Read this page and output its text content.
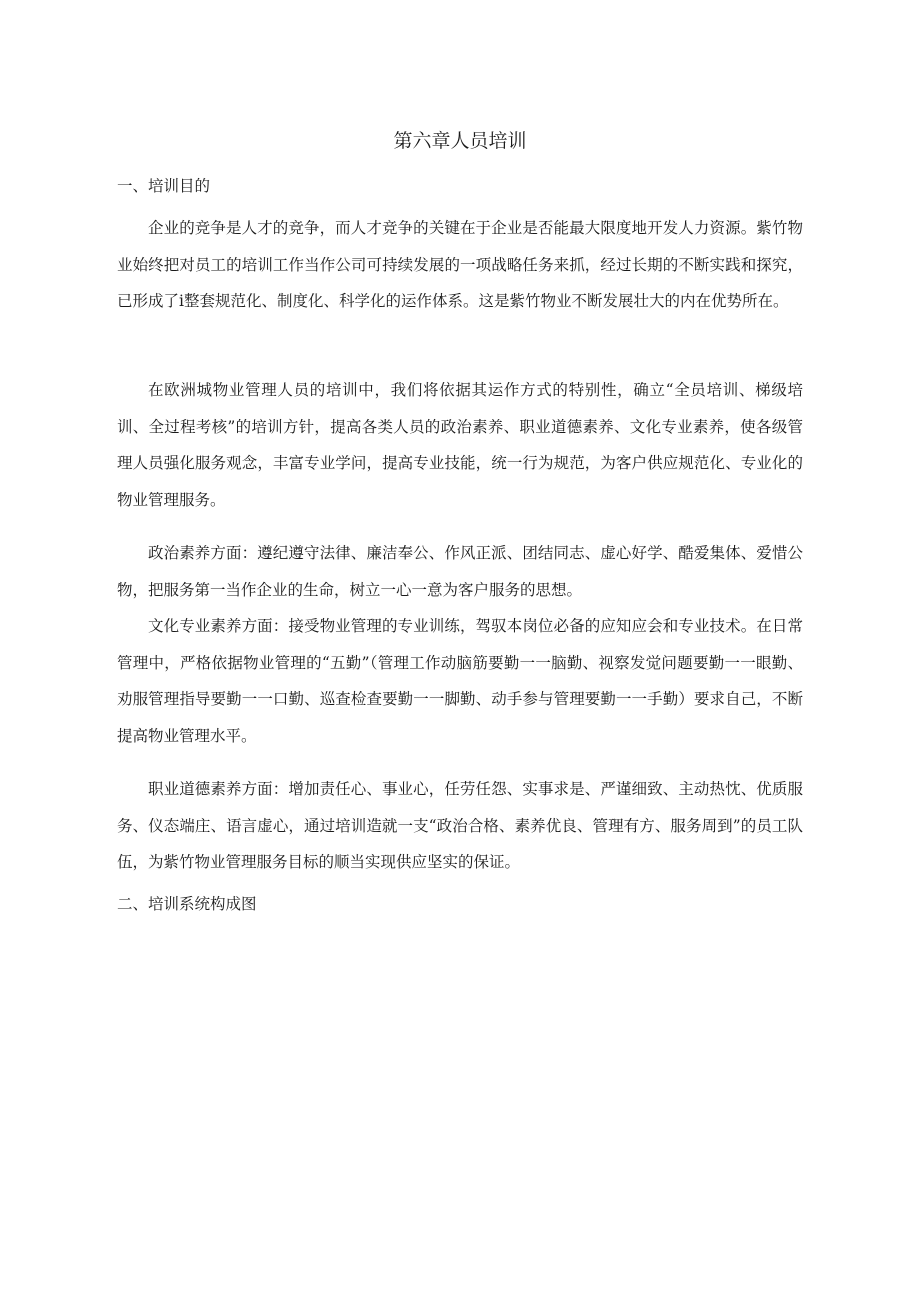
第六章人员培训

一、培训目的

企业的竞争是人才的竞争，而人才竞争的关键在于企业是否能最大限度地开发人力资源。紫竹物业始终把对员工的培训工作当作公司可持续发展的一项战略任务来抓，经过长期的不断实践和探究，已形成了ⅰ整套规范化、制度化、科学化的运作体系。这是紫竹物业不断发展壮大的内在优势所在。

在欧洲城物业管理人员的培训中，我们将依据其运作方式的特别性，确立“全员培训、梯级培训、全过程考核”的培训方针，提高各类人员的政治素养、职业道德素养、文化专业素养，使各级管理人员强化服务观念，丰富专业学问，提高专业技能，统一行为规范，为客户供应规范化、专业化的物业管理服务。

政治素养方面：遵纪遵守法律、廉洁奉公、作风正派、团结同志、虚心好学、酷爱集体、爱惜公物，把服务第一当作企业的生命，树立一心一意为客户服务的思想。

文化专业素养方面：接受物业管理的专业训练，驾驭本岗位必备的应知应会和专业技术。在日常管理中，严格依据物业管理的“五勤”（管理工作动脑筋要勤一一脑勤、视察发觉问题要勤一一眼勤、劝服管理指导要勤一一口勤、巡查检查要勤一一脚勤、动手参与管理要勤一一手勤）要求自己，不断提高物业管理水平。

职业道德素养方面：增加责任心、事业心，任劳任怨、实事求是、严谨细致、主动热忱、优质服务、仪态端庄、语言虚心，通过培训造就一支“政治合格、素养优良、管理有方、服务周到”的员工队伍，为紫竹物业管理服务目标的顺当实现供应坚实的保证。

二、培训系统构成图
